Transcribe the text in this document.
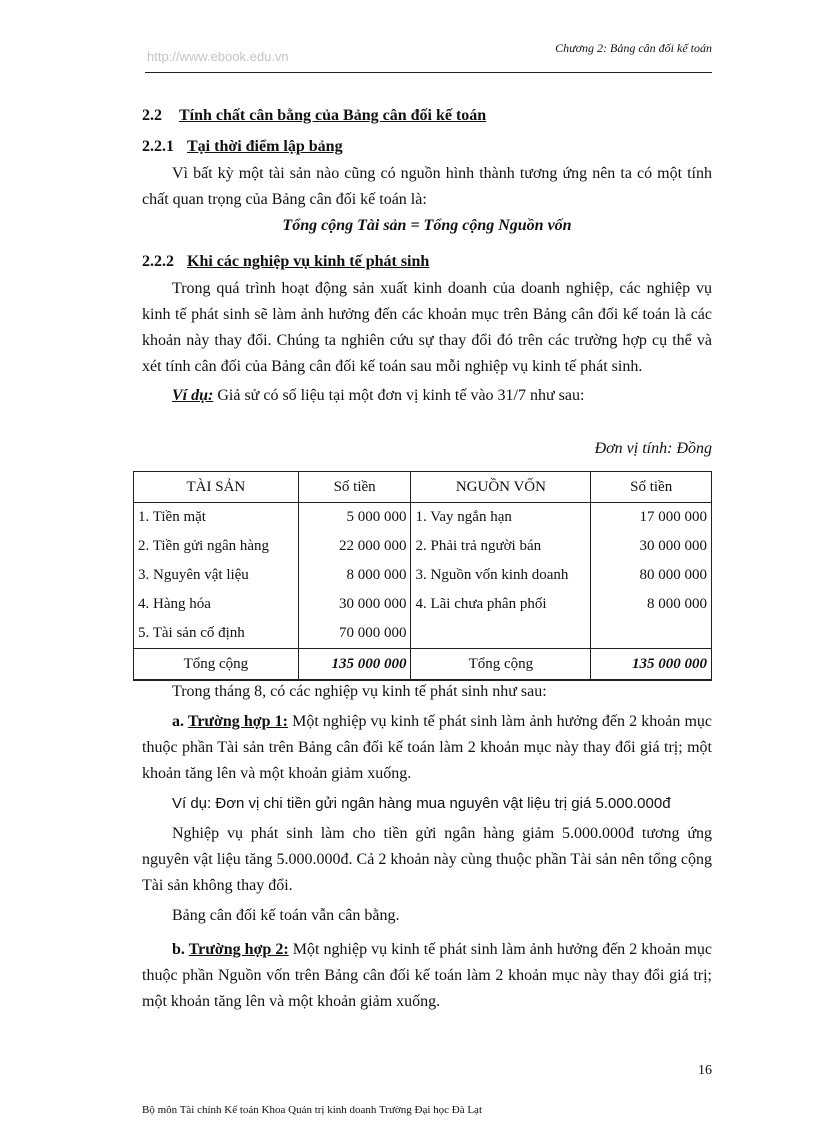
http://www.ebook.edu.vn
Chương 2: Bảng cân đối kế toán
2.2 Tính chất cân bằng của Bảng cân đối kế toán
2.2.1 Tại thời điểm lập bảng

Vì bất kỳ một tài sản nào cũng có nguồn hình thành tương ứng nên ta có một tính chất quan trọng của Bảng cân đối kế toán là:

Tổng cộng Tài sản = Tổng cộng Nguồn vốn
2.2.2 Khi các nghiệp vụ kinh tế phát sinh

Trong quá trình hoạt động sản xuất kinh doanh của doanh nghiệp, các nghiệp vụ kinh tế phát sinh sẽ làm ảnh hưởng đến các khoản mục trên Bảng cân đối kế toán là các khoản này thay đổi. Chúng ta nghiên cứu sự thay đổi đó trên các trường hợp cụ thể và xét tính cân đối của Bảng cân đối kế toán sau mỗi nghiệp vụ kinh tế phát sinh.

Ví dụ: Giả sử có số liệu tại một đơn vị kinh tế vào 31/7 như sau:

Đơn vị tính: Đồng
TÀI SẢN	Số tiền	NGUỒN VỐN	Số tiền
1. Tiền mặt	5 000 000	1. Vay ngắn hạn	17 000 000
2. Tiền gửi ngân hàng	22 000 000	2. Phải trả người bán	30 000 000
3. Nguyên vật liệu	8 000 000	3. Nguồn vốn kinh doanh	80 000 000
4. Hàng hóa	30 000 000	4. Lãi chưa phân phối	8 000 000
5. Tài sản cố định	70 000 000		
Tổng cộng	135 000 000	Tổng cộng	135 000 000

Trong tháng 8, có các nghiệp vụ kinh tế phát sinh như sau:

a. Trường hợp 1: Một nghiệp vụ kinh tế phát sinh làm ảnh hưởng đến 2 khoản mục thuộc phần Tài sản trên Bảng cân đối kế toán làm 2 khoản mục này thay đổi giá trị; một khoản tăng lên và một khoản giảm xuống.

Ví dụ: Đơn vị chi tiền gửi ngân hàng mua nguyên vật liệu trị giá 5.000.000đ

Nghiệp vụ phát sinh làm cho tiền gửi ngân hàng giảm 5.000.000đ tương ứng nguyên vật liệu tăng 5.000.000đ. Cả 2 khoản này cùng thuộc phần Tài sản nên tổng cộng Tài sản không thay đổi.

Bảng cân đối kế toán vẫn cân bằng.

b. Trường hợp 2: Một nghiệp vụ kinh tế phát sinh làm ảnh hưởng đến 2 khoản mục thuộc phần Nguồn vốn trên Bảng cân đối kế toán làm 2 khoản mục này thay đổi giá trị; một khoản tăng lên và một khoản giảm xuống.

16
Bộ môn Tài chính Kế toán Khoa Quản trị kinh doanh Trường Đại học Đà Lạt
